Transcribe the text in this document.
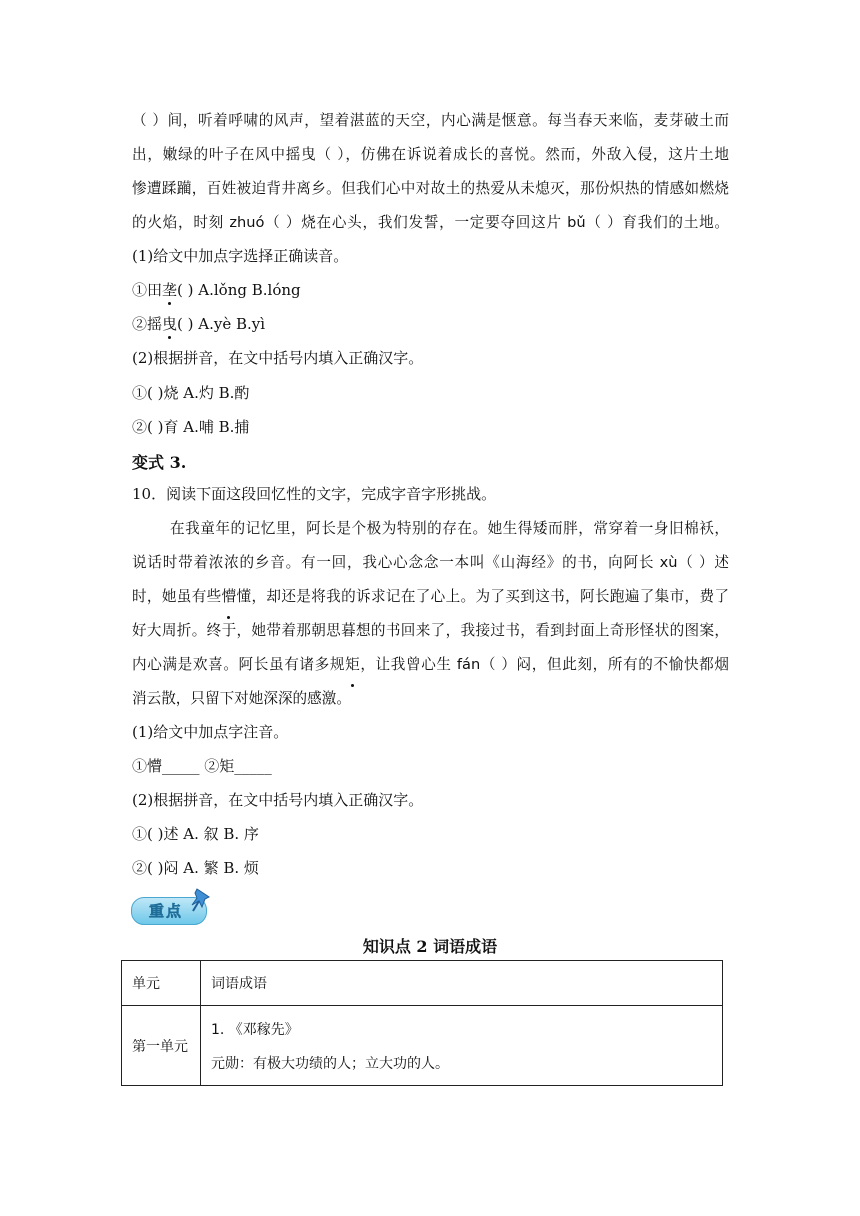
（ ）间，听着呼啸的风声，望着湛蓝的天空，内心满是惬意。每当春天来临，麦芽破土而
出，嫩绿的叶子在风中摇曳（ ），仿佛在诉说着成长的喜悦。然而，外敌入侵，这片土地
惨遭蹂躏，百姓被迫背井离乡。但我们心中对故土的热爱从未熄灭，那份炽热的情感如燃烧
的火焰，时刻 zhuó（ ）烧在心头，我们发誓，一定要夺回这片 bǔ（ ）育我们的土地。
(1)给文中加点字选择正确读音。
①田垄( ) A.lǒng B.lóng
②摇曳( ) A.yè B.yì
(2)根据拼音，在文中括号内填入正确汉字。
①( )烧 A.灼 B.酌
②( )育 A.哺 B.捕
变式 3.
10．阅读下面这段回忆性的文字，完成字音字形挑战。
在我童年的记忆里，阿长是个极为特别的存在。她生得矮而胖，常穿着一身旧棉袄，
说话时带着浓浓的乡音。有一回，我心心念念一本叫《山海经》的书，向阿长 xù（ ）述
时，她虽有些懵懂，却还是将我的诉求记在了心上。为了买到这书，阿长跑遍了集市，费了
好大周折。终于，她带着那朝思暮想的书回来了，我接过书，看到封面上奇形怪状的图案，
内心满是欢喜。阿长虽有诸多规矩，让我曾心生 fán（ ）闷，但此刻，所有的不愉快都烟
消云散，只留下对她深深的感激。
(1)给文中加点字注音。
①懵_____ ②矩_____
(2)根据拼音，在文中括号内填入正确汉字。
①( )述 A. 叙 B. 序
②( )闷 A. 繁 B. 烦
重点
知识点 2 词语成语
单元	词语成语
第一单元	1. 《邓稼先》
元勋：有极大功绩的人；立大功的人。
